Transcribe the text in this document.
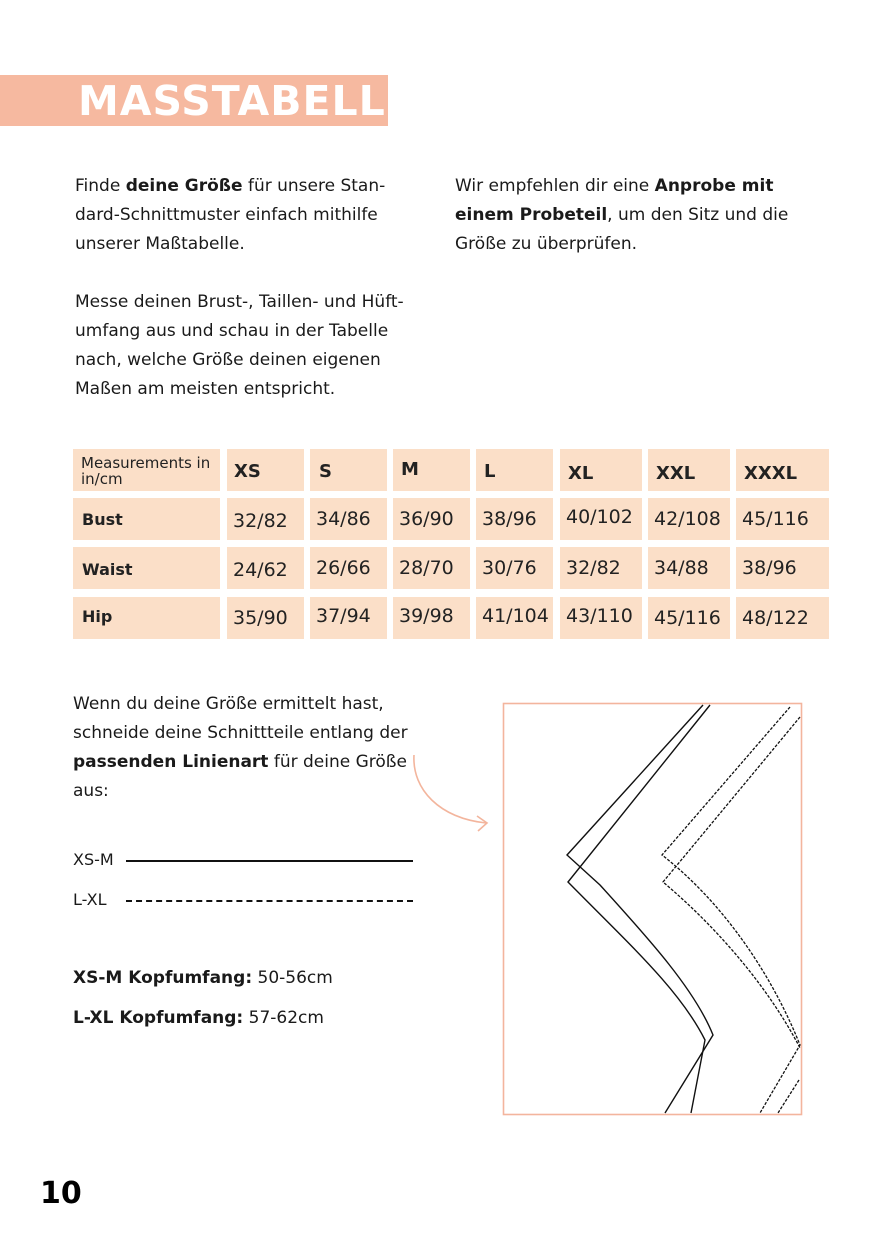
MASSTABELLE
Finde deine Größe für unsere Stan-dard-Schnittmuster einfach mithilfe unserer Maßtabelle.
Messe deinen Brust-, Taillen- und Hüft-umfang aus und schau in der Tabelle nach, welche Größe deinen eigenen Maßen am meisten entspricht.
Wir empfehlen dir eine Anprobe mit einem Probeteil, um den Sitz und die Größe zu überprüfen.
Measurements in in/cm	XS	S	M	L	XL	XXL	XXXL
Bust	32/82 34/86 36/90 38/96 40/102 42/108 45/116
Waist	24/62 26/66 28/70 30/76 32/82 34/88 38/96
Hip	35/90 37/94 39/98 41/104 43/110 45/116 48/122
Wenn du deine Größe ermittelt hast, schneide deine Schnittteile entlang der passenden Linienart für deine Größe aus:
XS-M
L-XL
XS-M Kopfumfang: 50-56cm
L-XL Kopfumfang: 57-62cm
10
